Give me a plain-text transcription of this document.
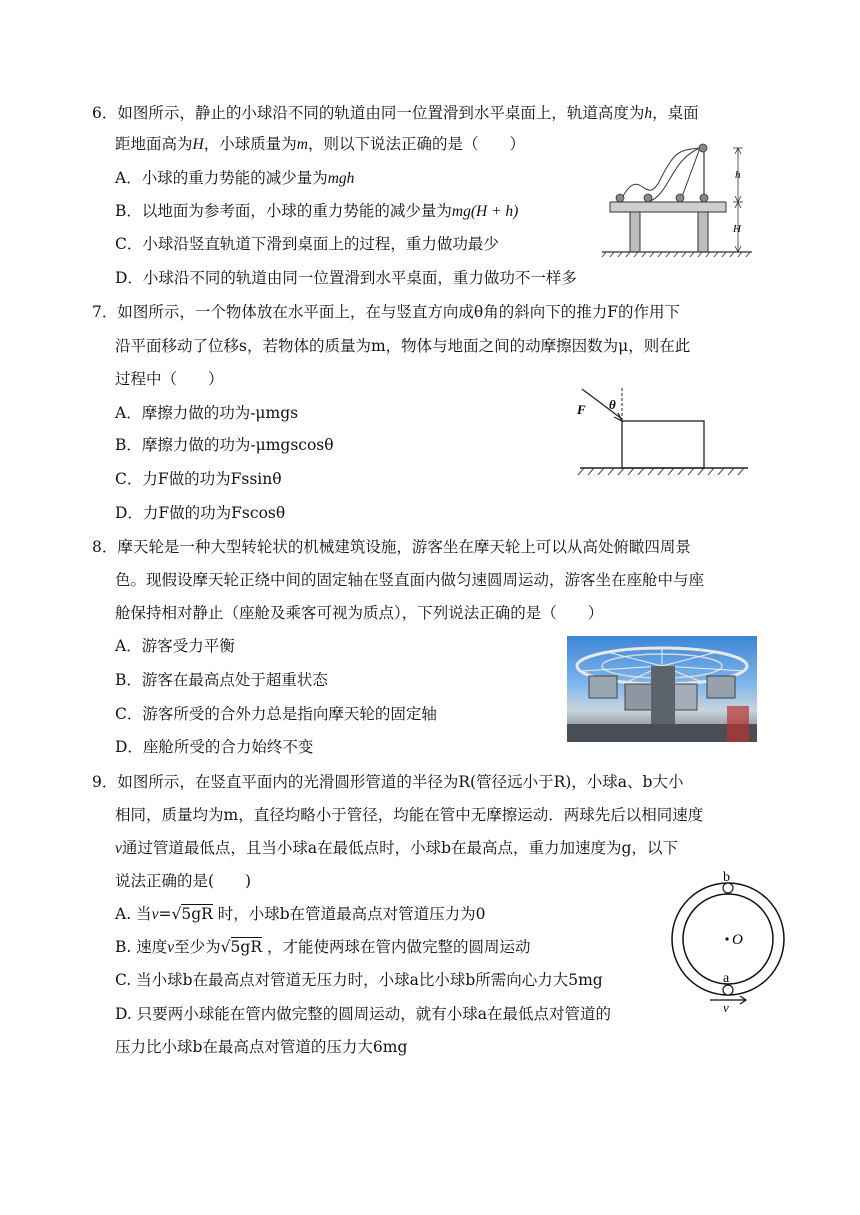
6．如图所示，静止的小球沿不同的轨道由同一位置滑到水平桌面上，轨道高度为h，桌面
距地面高为H，小球质量为m，则以下说法正确的是（　　）
A．小球的重力势能的减少量为mgh
B．以地面为参考面，小球的重力势能的减少量为mg(H + h)
C．小球沿竖直轨道下滑到桌面上的过程，重力做功最少
D．小球沿不同的轨道由同一位置滑到水平桌面，重力做功不一样多
h
H
7．如图所示，一个物体放在水平面上，在与竖直方向成θ角的斜向下的推力F的作用下
沿平面移动了位移s，若物体的质量为m，物体与地面之间的动摩擦因数为μ，则在此
过程中（　　）
A．摩擦力做的功为-μmgs
B．摩擦力做的功为-μmgscosθ
C．力F做的功为Fssinθ
D．力F做的功为Fscosθ
F θ
8．摩天轮是一种大型转轮状的机械建筑设施，游客坐在摩天轮上可以从高处俯瞰四周景
色。现假设摩天轮正绕中间的固定轴在竖直面内做匀速圆周运动，游客坐在座舱中与座
舱保持相对静止（座舱及乘客可视为质点），下列说法正确的是（　　）
A．游客受力平衡
B．游客在最高点处于超重状态
C．游客所受的合外力总是指向摩天轮的固定轴
D．座舱所受的合力始终不变
9．如图所示，在竖直平面内的光滑圆形管道的半径为R(管径远小于R)，小球a、b大小
相同，质量均为m，直径均略小于管径，均能在管中无摩擦运动．两球先后以相同速度
v通过管道最低点，且当小球a在最低点时，小球b在最高点，重力加速度为g，以下
说法正确的是(　　)
A. 当v=√5gR 时，小球b在管道最高点对管道压力为0
B. 速度v至少为√5gR ，才能使两球在管内做完整的圆周运动
C. 当小球b在最高点对管道无压力时，小球a比小球b所需向心力大5mg
D. 只要两小球能在管内做完整的圆周运动，就有小球a在最低点对管道的
压力比小球b在最高点对管道的压力大6mg
b
O
a
v
